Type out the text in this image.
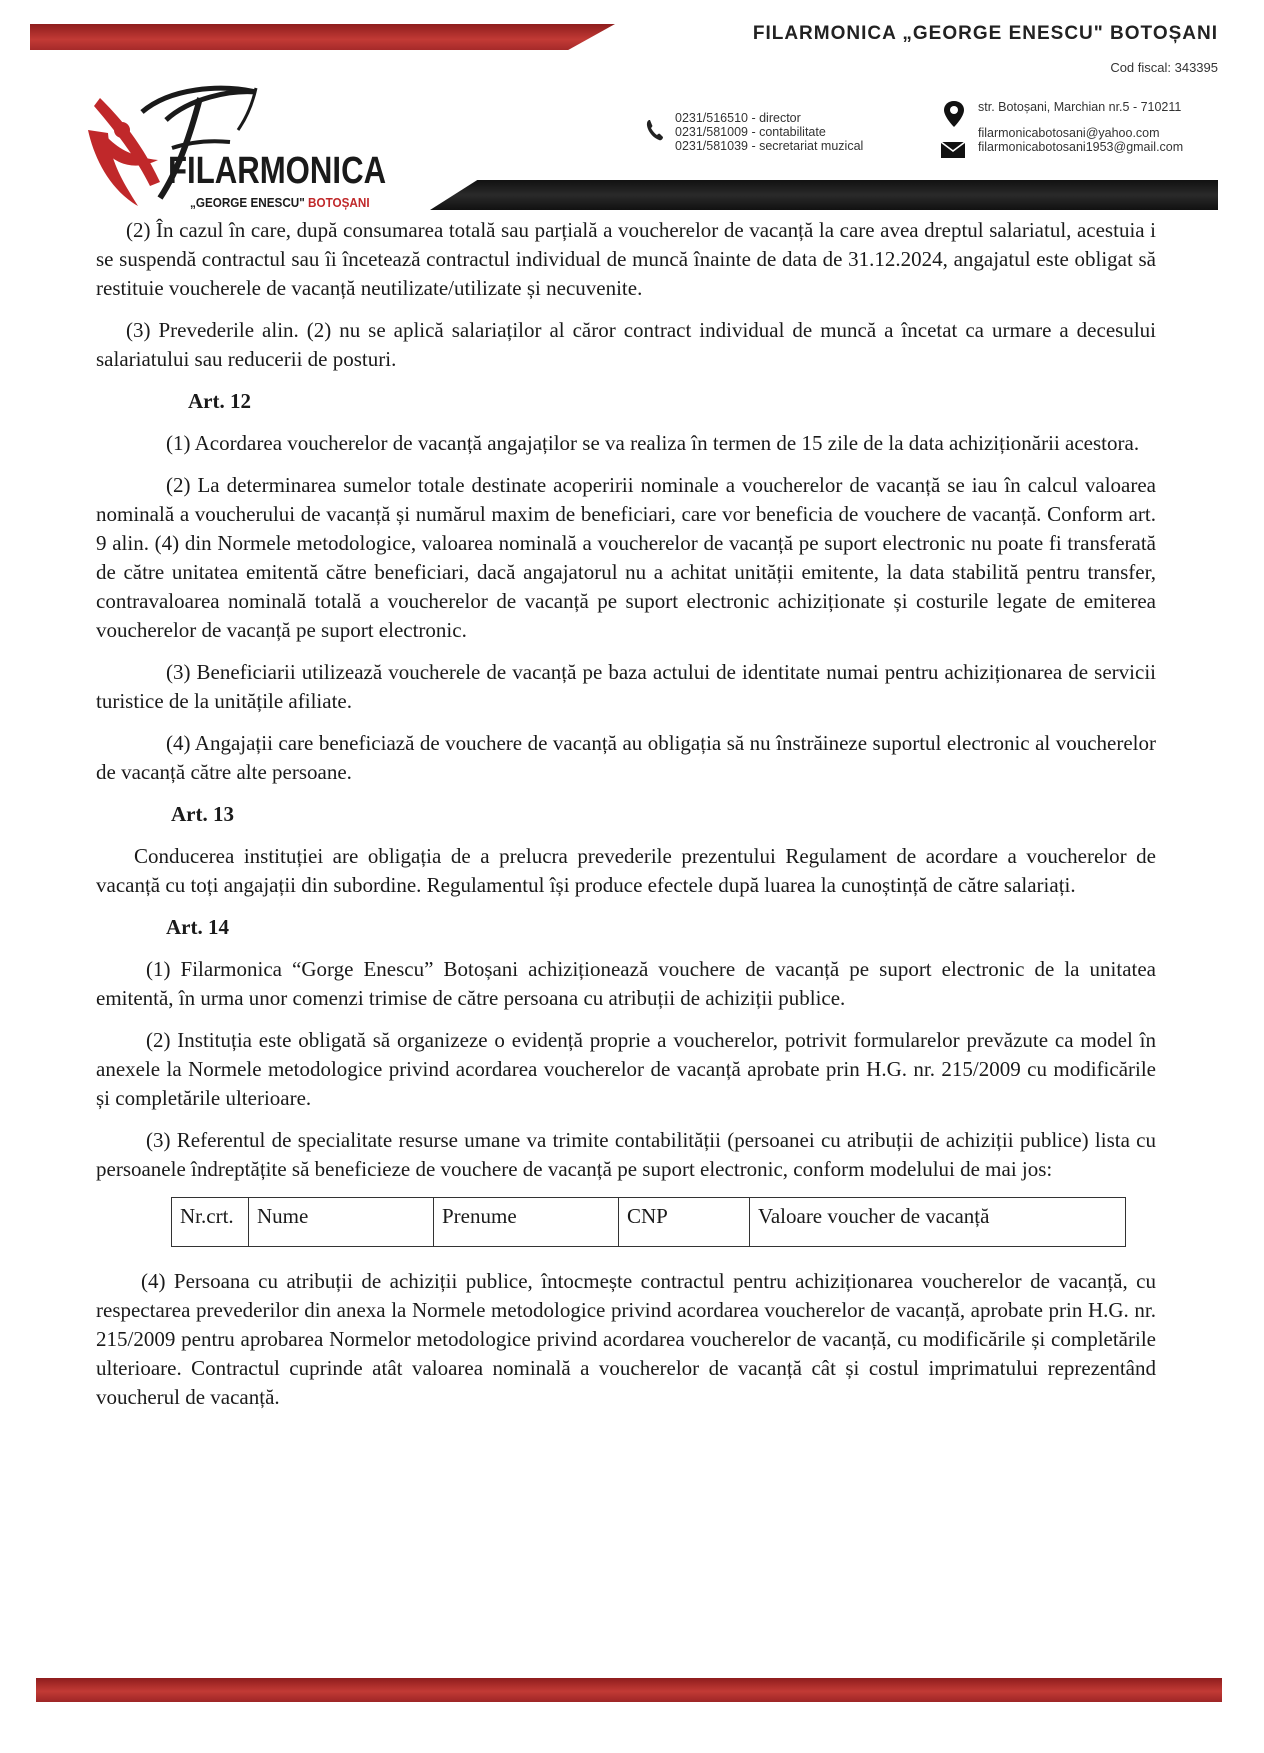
FILARMONICA „GEORGE ENESCU" BOTOȘANI
Cod fiscal: 343395
0231/516510 - director
0231/581009 - contabilitate
0231/581039 - secretariat muzical
str. Botoșani, Marchian nr.5 - 710211
filarmonicabotosani@yahoo.com
filarmonicabotosani1953@gmail.com
FILARMONICA
„GEORGE ENESCU" BOTOȘANI

(2) În cazul în care, după consumarea totală sau parțială a voucherelor de vacanță la care avea dreptul salariatul, acestuia i se suspendă contractul sau îi încetează contractul individual de muncă înainte de data de 31.12.2024, angajatul este obligat să restituie voucherele de vacanță neutilizate/utilizate și necuvenite.

(3) Prevederile alin. (2) nu se aplică salariaților al căror contract individual de muncă a încetat ca urmare a decesului salariatului sau reducerii de posturi.

Art. 12

(1) Acordarea voucherelor de vacanță angajaților se va realiza în termen de 15 zile de la data achiziționării acestora.

(2) La determinarea sumelor totale destinate acoperirii nominale a voucherelor de vacanță se iau în calcul valoarea nominală a voucherului de vacanță și numărul maxim de beneficiari, care vor beneficia de vouchere de vacanță. Conform art. 9 alin. (4) din Normele metodologice, valoarea nominală a voucherelor de vacanță pe suport electronic nu poate fi transferată de către unitatea emitentă către beneficiari, dacă angajatorul nu a achitat unității emitente, la data stabilită pentru transfer, contravaloarea nominală totală a voucherelor de vacanță pe suport electronic achiziționate și costurile legate de emiterea voucherelor de vacanță pe suport electronic.

(3) Beneficiarii utilizează voucherele de vacanță pe baza actului de identitate numai pentru achiziționarea de servicii turistice de la unitățile afiliate.

(4) Angajații care beneficiază de vouchere de vacanță au obligația să nu înstrăineze suportul electronic al voucherelor de vacanță către alte persoane.

Art. 13

Conducerea instituției are obligația de a prelucra prevederile prezentului Regulament de acordare a voucherelor de vacanță cu toți angajații din subordine. Regulamentul își produce efectele după luarea la cunoștință de către salariați.

Art. 14

(1) Filarmonica “Gorge Enescu” Botoșani achiziționează vouchere de vacanță pe suport electronic de la unitatea emitentă, în urma unor comenzi trimise de către persoana cu atribuții de achiziții publice.

(2) Instituția este obligată să organizeze o evidență proprie a voucherelor, potrivit formularelor prevăzute ca model în anexele la Normele metodologice privind acordarea voucherelor de vacanță aprobate prin H.G. nr. 215/2009 cu modificările și completările ulterioare.

(3) Referentul de specialitate resurse umane va trimite contabilității (persoanei cu atribuții de achiziții publice) lista cu persoanele îndreptățite să beneficieze de vouchere de vacanță pe suport electronic, conform modelului de mai jos:

Nr.crt.	Nume	Prenume	CNP	Valoare voucher de vacanță

(4) Persoana cu atribuții de achiziții publice, întocmește contractul pentru achiziționarea voucherelor de vacanță, cu respectarea prevederilor din anexa la Normele metodologice privind acordarea voucherelor de vacanță, aprobate prin H.G. nr. 215/2009 pentru aprobarea Normelor metodologice privind acordarea voucherelor de vacanță, cu modificările și completările ulterioare. Contractul cuprinde atât valoarea nominală a voucherelor de vacanță cât și costul imprimatului reprezentând voucherul de vacanță.
